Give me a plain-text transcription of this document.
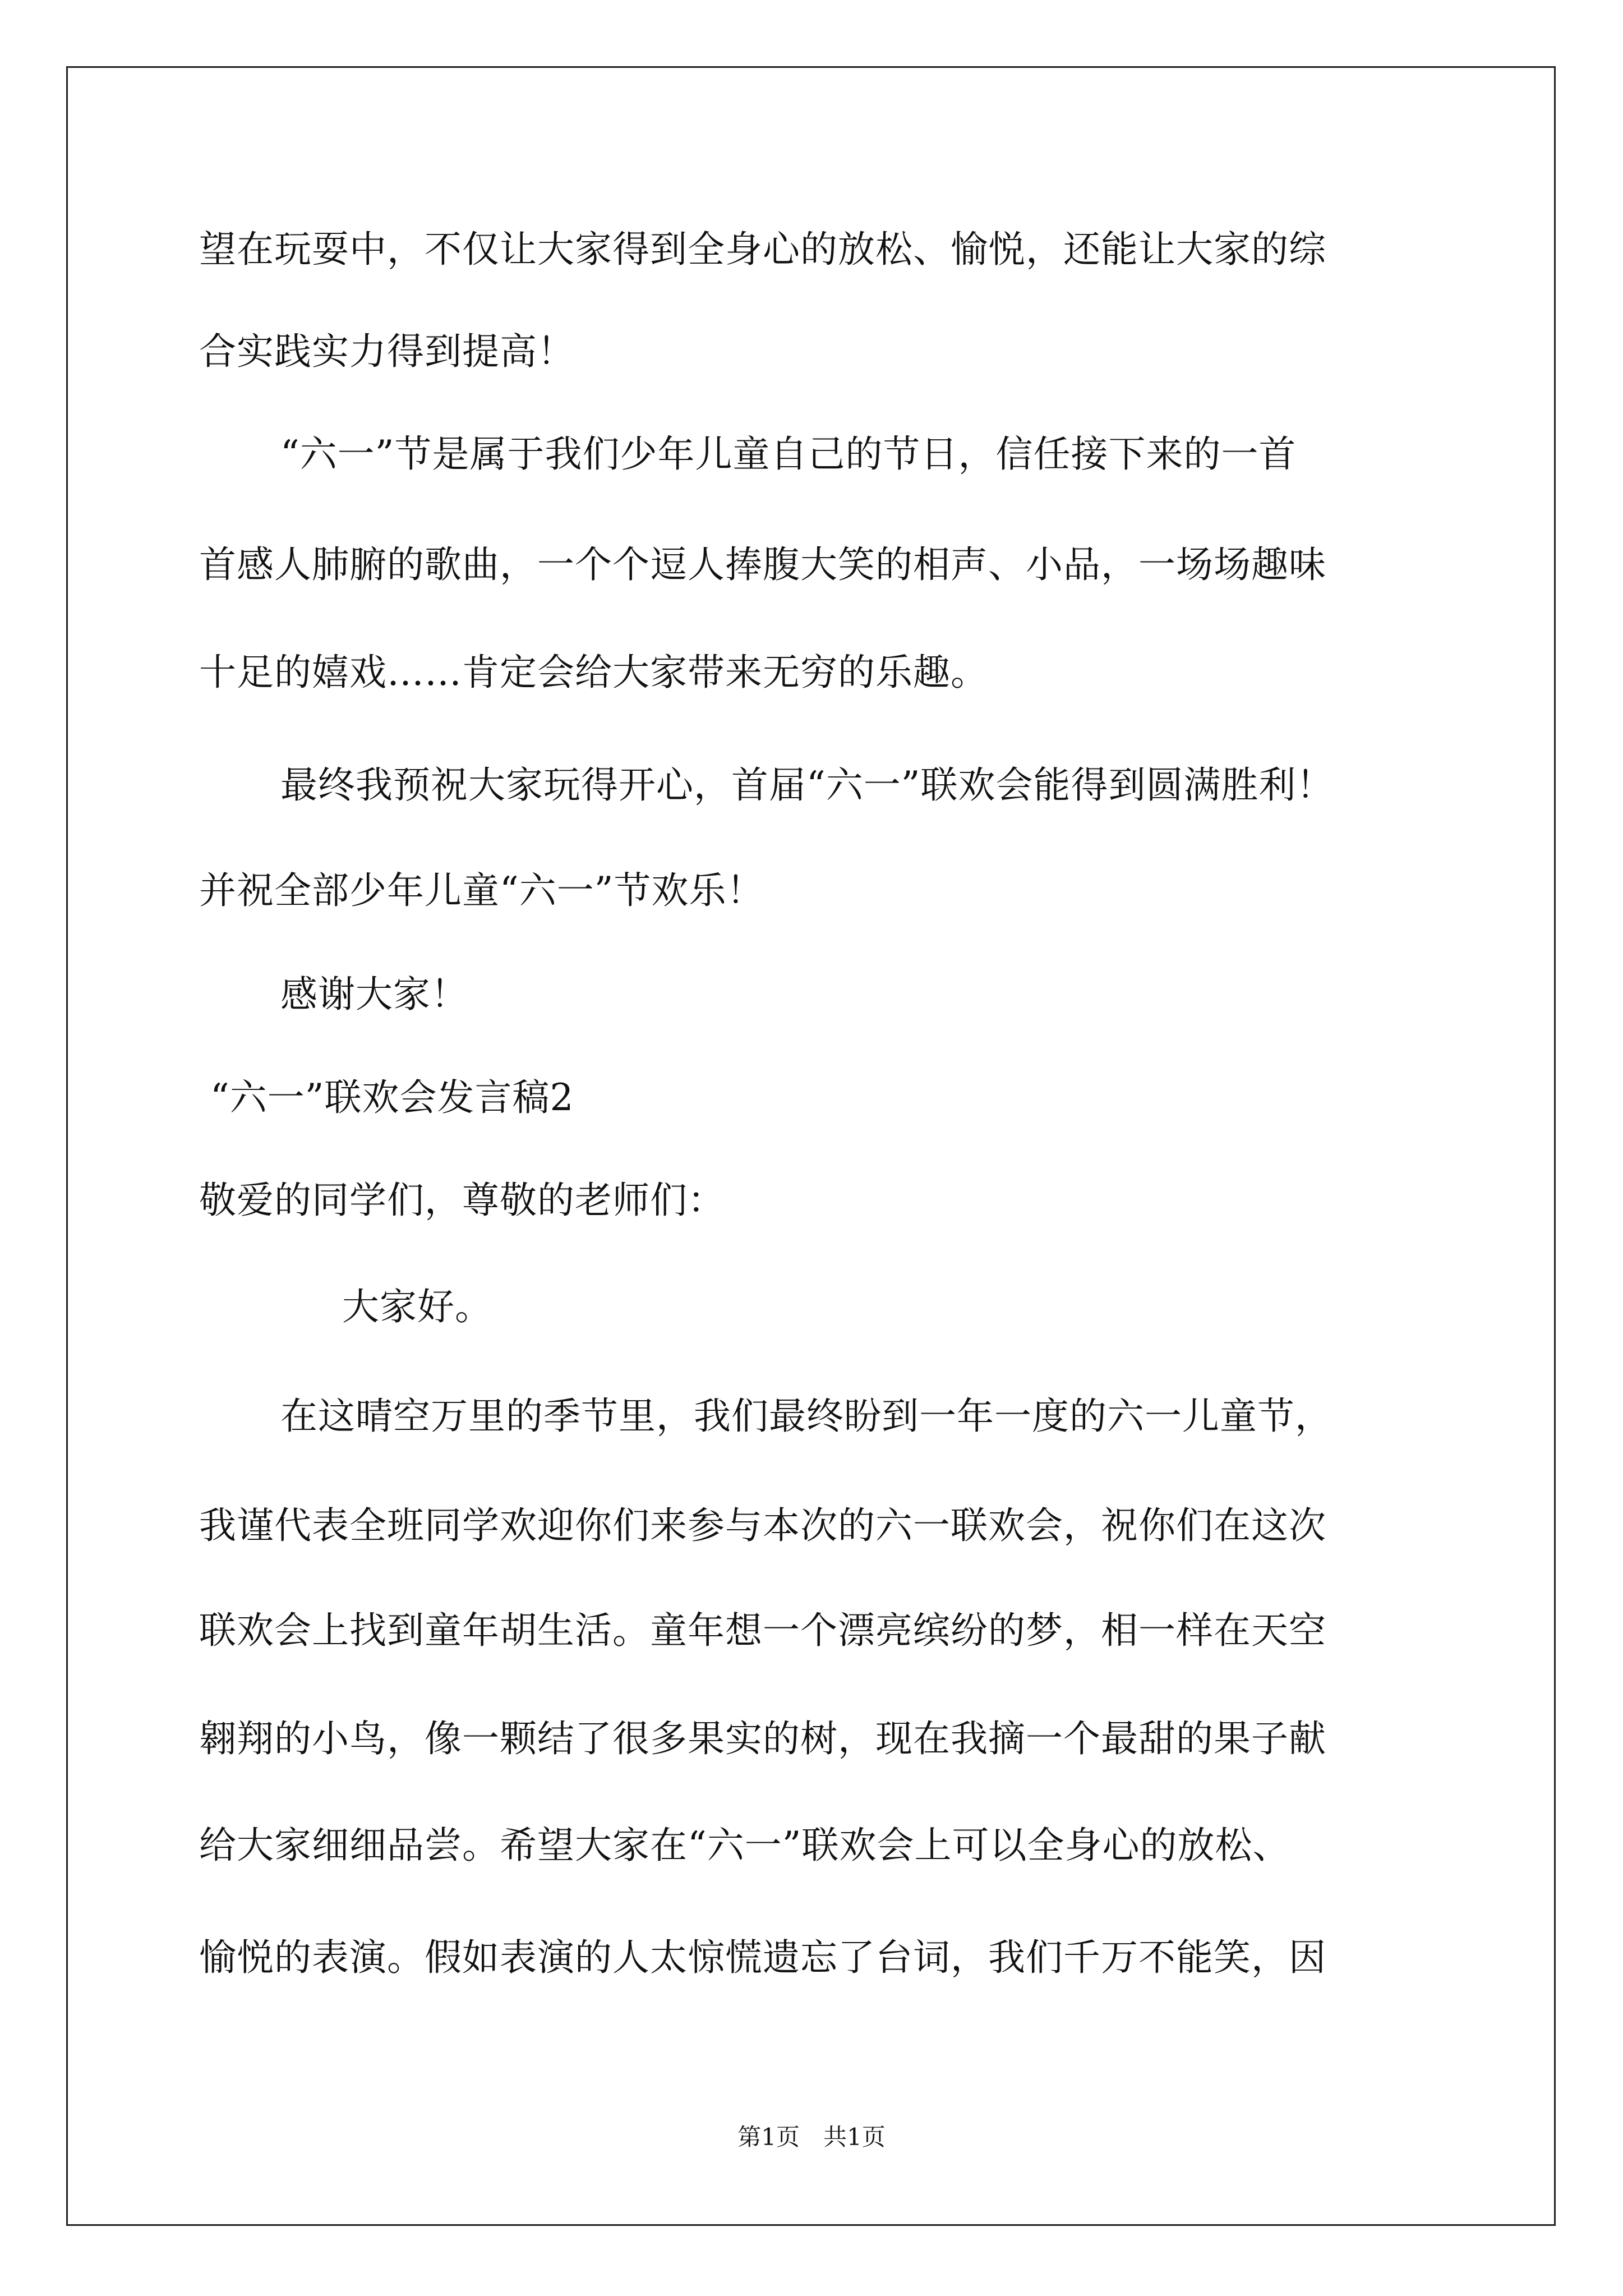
望在玩耍中，不仅让大家得到全身心的放松、愉悦，还能让大家的综
合实践实力得到提高！
“六一”节是属于我们少年儿童自己的节日，信任接下来的一首
首感人肺腑的歌曲，一个个逗人捧腹大笑的相声、小品，一场场趣味
十足的嬉戏……肯定会给大家带来无穷的乐趣。
最终我预祝大家玩得开心，首届“六一”联欢会能得到圆满胜利！
并祝全部少年儿童“六一”节欢乐！
感谢大家！
“六一”联欢会发言稿2
敬爱的同学们，尊敬的老师们：
大家好。
在这晴空万里的季节里，我们最终盼到一年一度的六一儿童节，
我谨代表全班同学欢迎你们来参与本次的六一联欢会，祝你们在这次
联欢会上找到童年胡生活。童年想一个漂亮缤纷的梦，相一样在天空
翱翔的小鸟，像一颗结了很多果实的树，现在我摘一个最甜的果子献
给大家细细品尝。希望大家在“六一”联欢会上可以全身心的放松、
愉悦的表演。假如表演的人太惊慌遗忘了台词，我们千万不能笑，因
第1页　共1页
